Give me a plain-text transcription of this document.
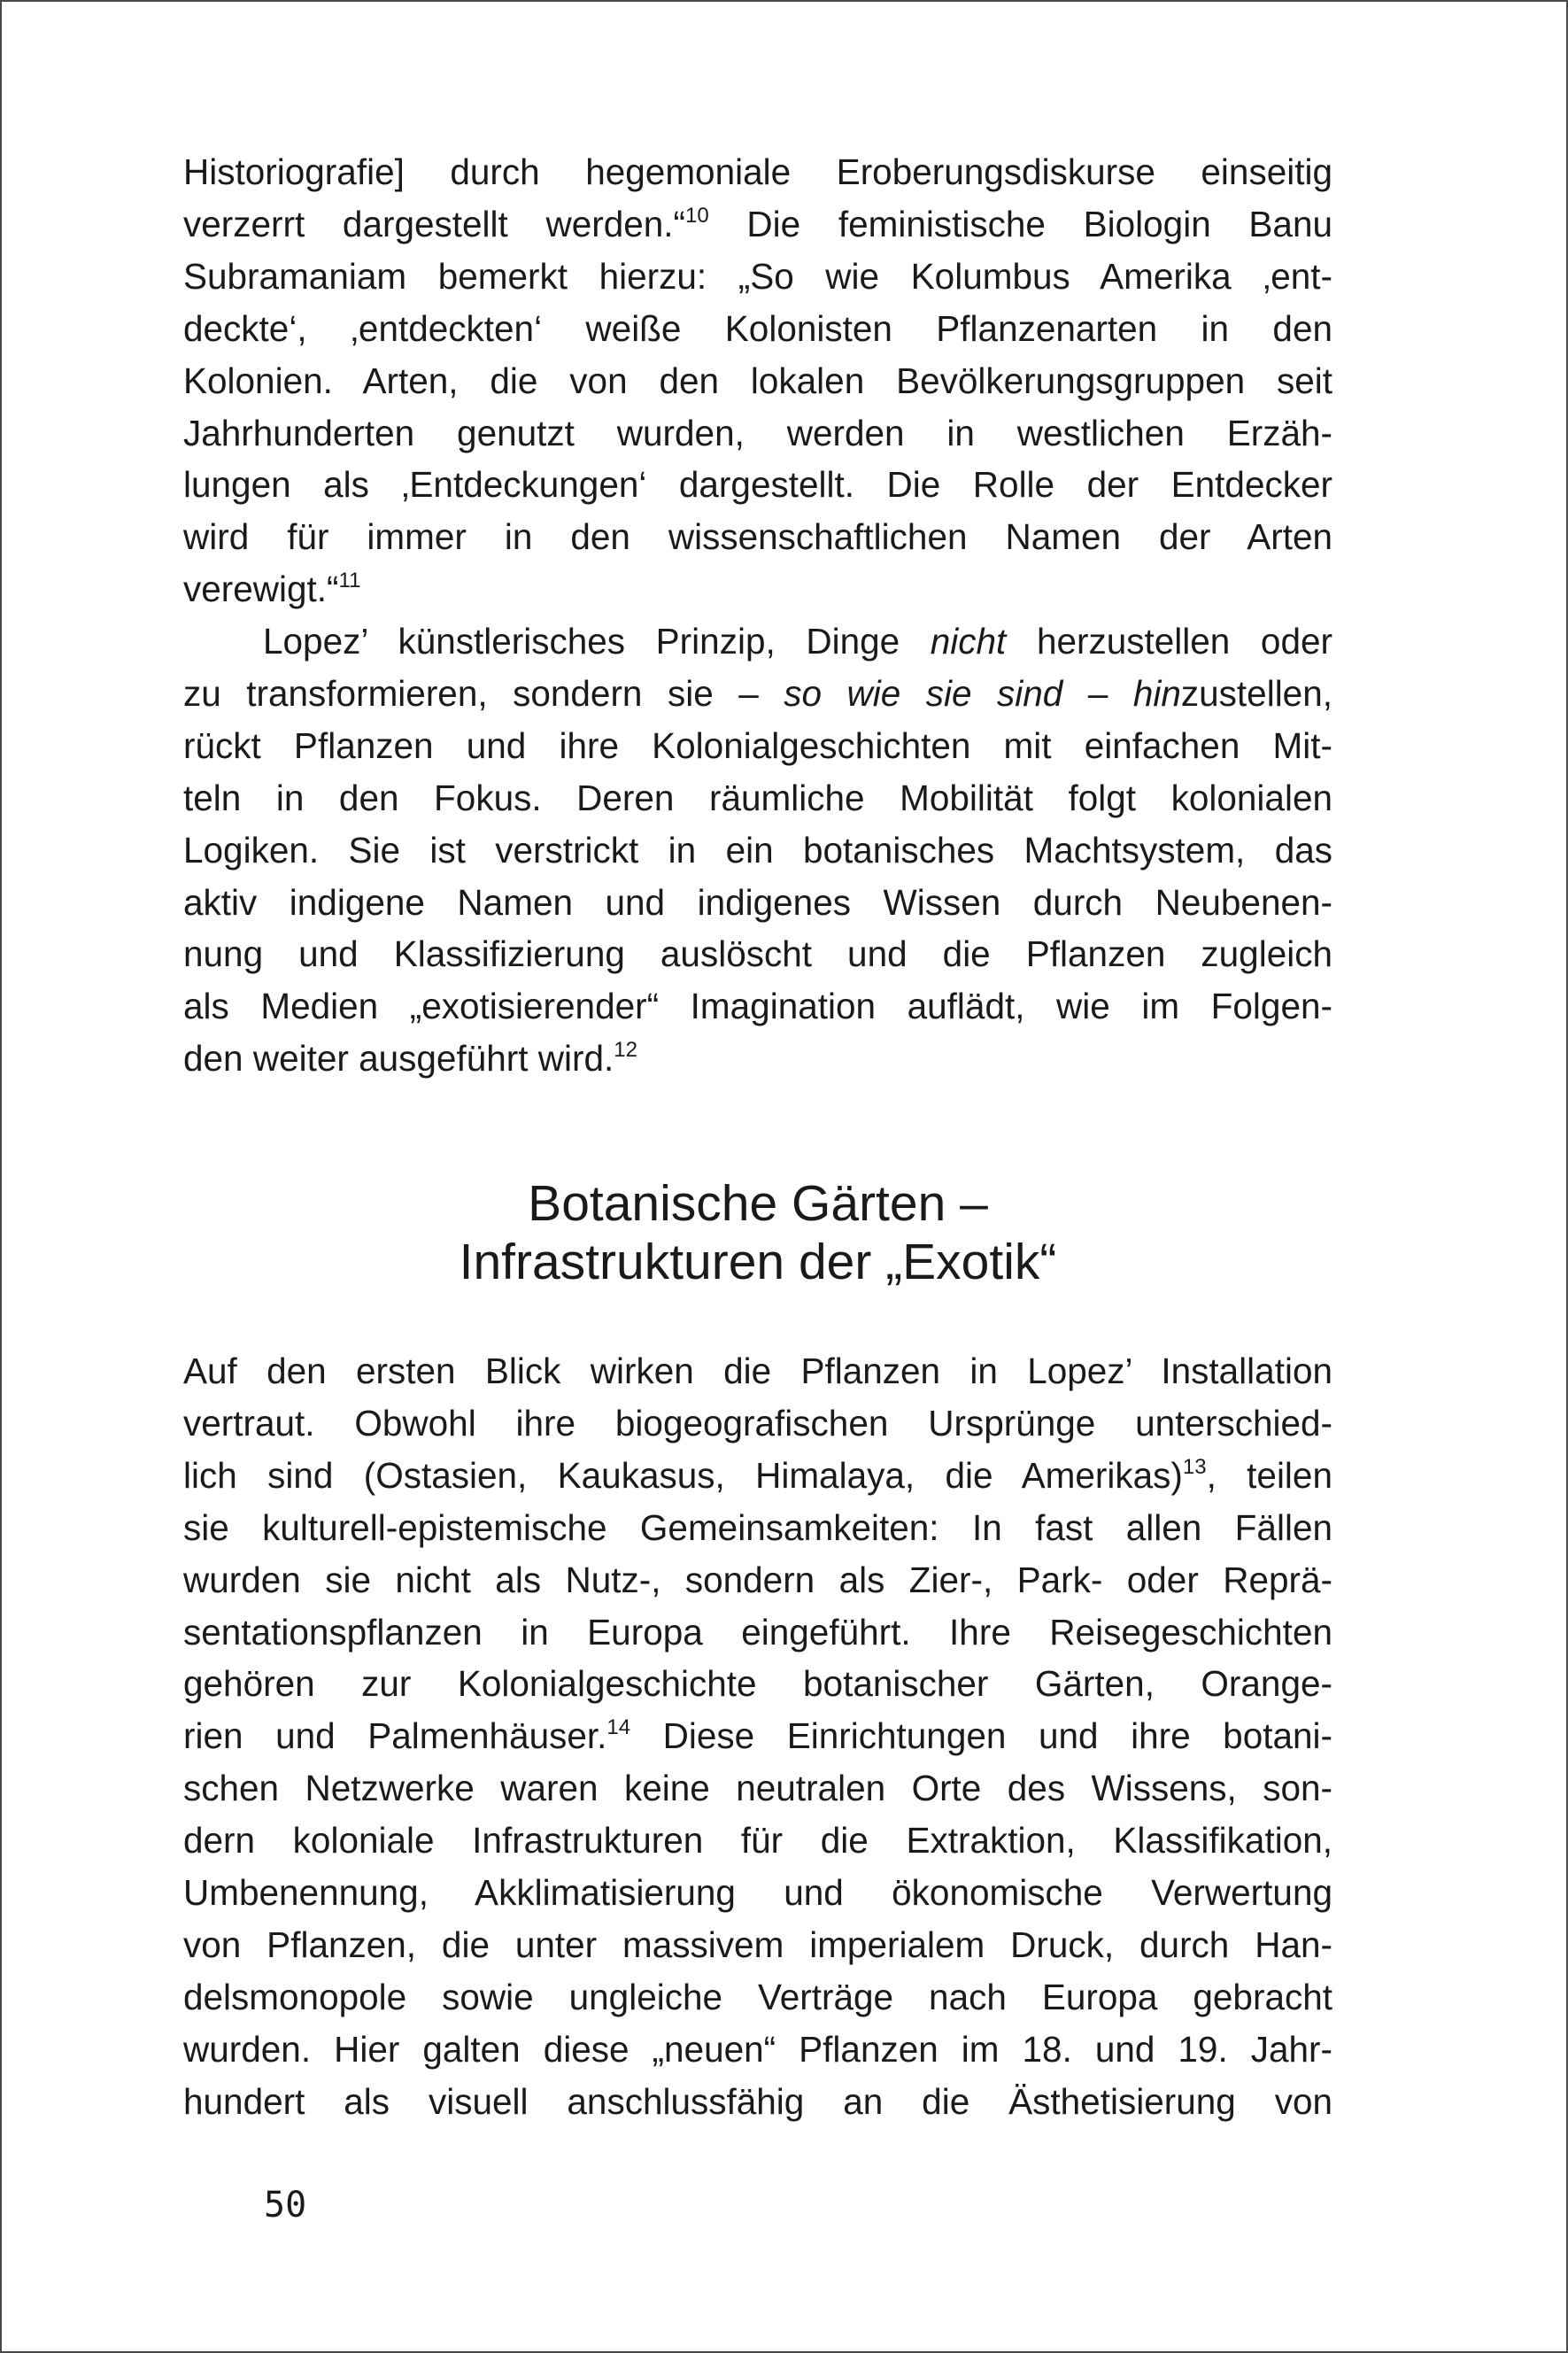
Historiografie] durch hegemoniale Eroberungsdiskurse einseitig
verzerrt dargestellt werden.“$^{10}$ Die feministische Biologin Banu
Subramaniam bemerkt hierzu: „So wie Kolumbus Amerika ‚ent-
deckte‘, ‚entdeckten‘ weiße Kolonisten Pflanzenarten in den
Kolonien. Arten, die von den lokalen Bevölkerungsgruppen seit
Jahrhunderten genutzt wurden, werden in westlichen Erzäh-
lungen als ‚Entdeckungen‘ dargestellt. Die Rolle der Entdecker
wird für immer in den wissenschaftlichen Namen der Arten
verewigt.“$^{11}$
Lopez’ künstlerisches Prinzip, Dinge nicht herzustellen oder
zu transformieren, sondern sie – so wie sie sind – hinzustellen,
rückt Pflanzen und ihre Kolonialgeschichten mit einfachen Mit-
teln in den Fokus. Deren räumliche Mobilität folgt kolonialen
Logiken. Sie ist verstrickt in ein botanisches Machtsystem, das
aktiv indigene Namen und indigenes Wissen durch Neubenen-
nung und Klassifizierung auslöscht und die Pflanzen zugleich
als Medien „exotisierender“ Imagination auflädt, wie im Folgen-
den weiter ausgeführt wird.$^{12}$
Botanische Gärten –
Infrastrukturen der „Exotik“
Auf den ersten Blick wirken die Pflanzen in Lopez’ Installation
vertraut. Obwohl ihre biogeografischen Ursprünge unterschied-
lich sind (Ostasien, Kaukasus, Himalaya, die Amerikas)$^{13}$, teilen
sie kulturell-epistemische Gemeinsamkeiten: In fast allen Fällen
wurden sie nicht als Nutz-, sondern als Zier-, Park- oder Reprä-
sentationspflanzen in Europa eingeführt. Ihre Reisegeschichten
gehören zur Kolonialgeschichte botanischer Gärten, Orange-
rien und Palmenhäuser.$^{14}$ Diese Einrichtungen und ihre botani-
schen Netzwerke waren keine neutralen Orte des Wissens, son-
dern koloniale Infrastrukturen für die Extraktion, Klassifikation,
Umbenennung, Akklimatisierung und ökonomische Verwertung
von Pflanzen, die unter massivem imperialem Druck, durch Han-
delsmonopole sowie ungleiche Verträge nach Europa gebracht
wurden. Hier galten diese „neuen“ Pflanzen im 18. und 19. Jahr-
hundert als visuell anschlussfähig an die Ästhetisierung von
50
